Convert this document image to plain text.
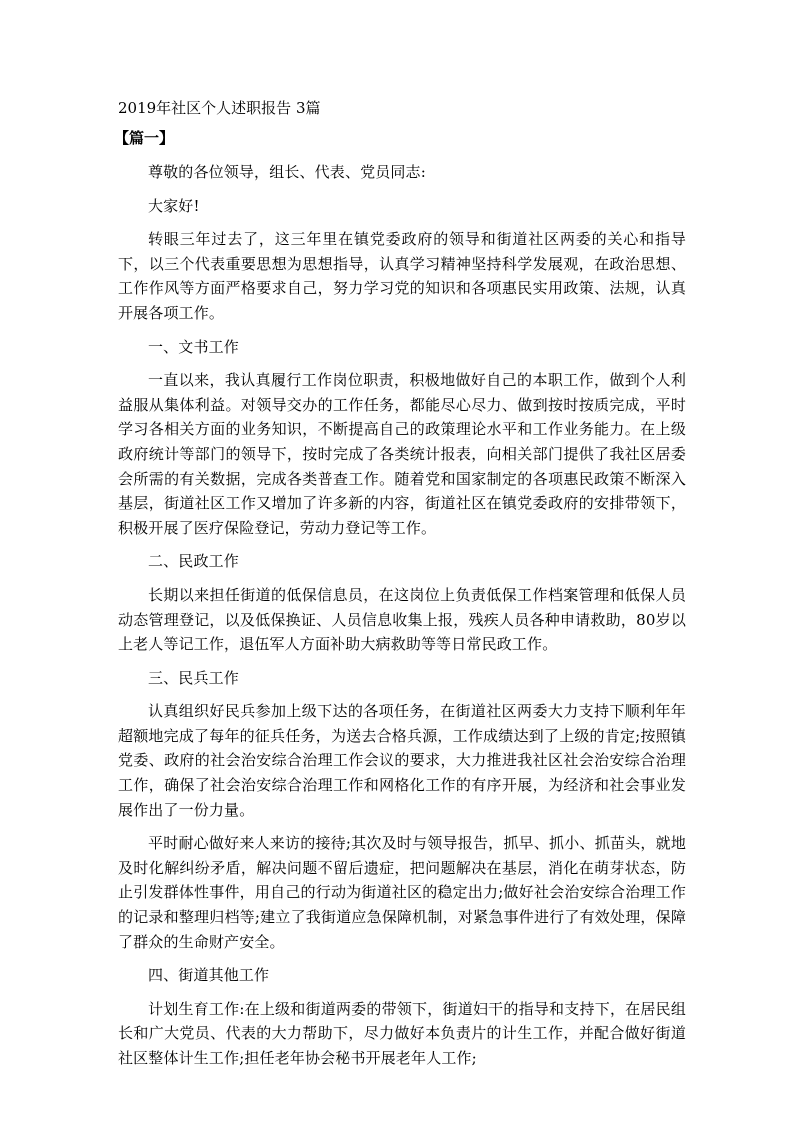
2019年社区个人述职报告 3篇
【篇一】

尊敬的各位领导，组长、代表、党员同志:

大家好!

转眼三年过去了，这三年里在镇党委政府的领导和街道社区两委的关心和指导下，以三个代表重要思想为思想指导，认真学习精神坚持科学发展观，在政治思想、工作作风等方面严格要求自己，努力学习党的知识和各项惠民实用政策、法规，认真开展各项工作。

一、文书工作

一直以来，我认真履行工作岗位职责，积极地做好自己的本职工作，做到个人利益服从集体利益。对领导交办的工作任务，都能尽心尽力、做到按时按质完成，平时学习各相关方面的业务知识，不断提高自己的政策理论水平和工作业务能力。在上级政府统计等部门的领导下，按时完成了各类统计报表，向相关部门提供了我社区居委会所需的有关数据，完成各类普查工作。随着党和国家制定的各项惠民政策不断深入基层，街道社区工作又增加了许多新的内容，街道社区在镇党委政府的安排带领下，积极开展了医疗保险登记，劳动力登记等工作。

二、民政工作

长期以来担任街道的低保信息员，在这岗位上负责低保工作档案管理和低保人员动态管理登记，以及低保换证、人员信息收集上报，残疾人员各种申请救助，80岁以上老人等记工作，退伍军人方面补助大病救助等等日常民政工作。

三、民兵工作

认真组织好民兵参加上级下达的各项任务，在街道社区两委大力支持下顺利年年超额地完成了每年的征兵任务，为送去合格兵源，工作成绩达到了上级的肯定;按照镇党委、政府的社会治安综合治理工作会议的要求，大力推进我社区社会治安综合治理工作，确保了社会治安综合治理工作和网格化工作的有序开展，为经济和社会事业发展作出了一份力量。

平时耐心做好来人来访的接待;其次及时与领导报告，抓早、抓小、抓苗头，就地及时化解纠纷矛盾，解决问题不留后遗症，把问题解决在基层，消化在萌芽状态，防止引发群体性事件，用自己的行动为街道社区的稳定出力;做好社会治安综合治理工作的记录和整理归档等;建立了我街道应急保障机制，对紧急事件进行了有效处理，保障了群众的生命财产安全。

四、街道其他工作

计划生育工作:在上级和街道两委的带领下，街道妇干的指导和支持下，在居民组长和广大党员、代表的大力帮助下，尽力做好本负责片的计生工作，并配合做好街道社区整体计生工作;担任老年协会秘书开展老年人工作;
